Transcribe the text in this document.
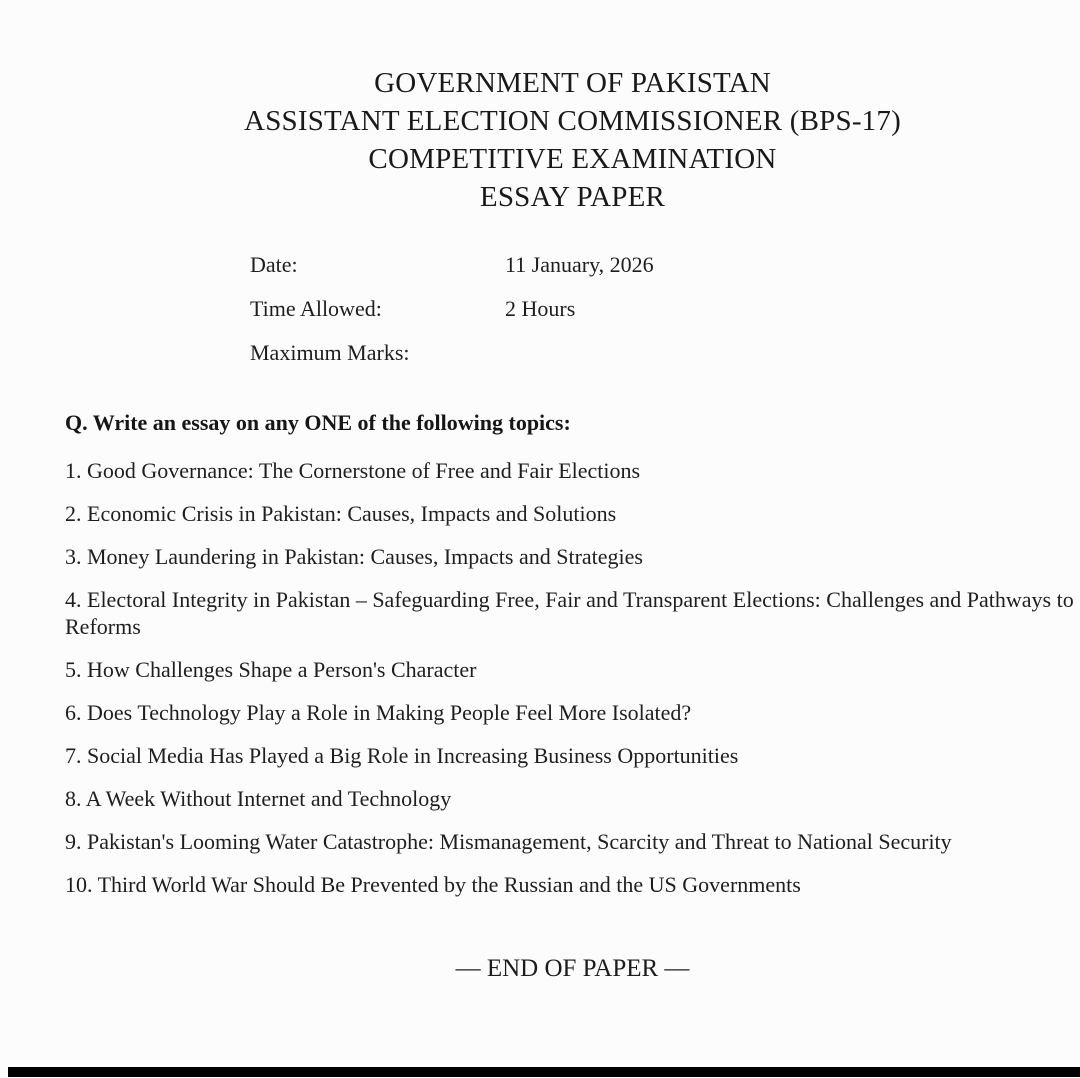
GOVERNMENT OF PAKISTAN
ASSISTANT ELECTION COMMISSIONER (BPS-17)
COMPETITIVE EXAMINATION
ESSAY PAPER
Date:	11 January, 2026
Time Allowed:	2 Hours
Maximum Marks:

Q. Write an essay on any ONE of the following topics:

1. Good Governance: The Cornerstone of Free and Fair Elections
2. Economic Crisis in Pakistan: Causes, Impacts and Solutions
3. Money Laundering in Pakistan: Causes, Impacts and Strategies
4. Electoral Integrity in Pakistan – Safeguarding Free, Fair and Transparent Elections: Challenges and Pathways to Reforms
5. How Challenges Shape a Person's Character
6. Does Technology Play a Role in Making People Feel More Isolated?
7. Social Media Has Played a Big Role in Increasing Business Opportunities
8. A Week Without Internet and Technology
9. Pakistan's Looming Water Catastrophe: Mismanagement, Scarcity and Threat to National Security
10. Third World War Should Be Prevented by the Russian and the US Governments
— END OF PAPER —
